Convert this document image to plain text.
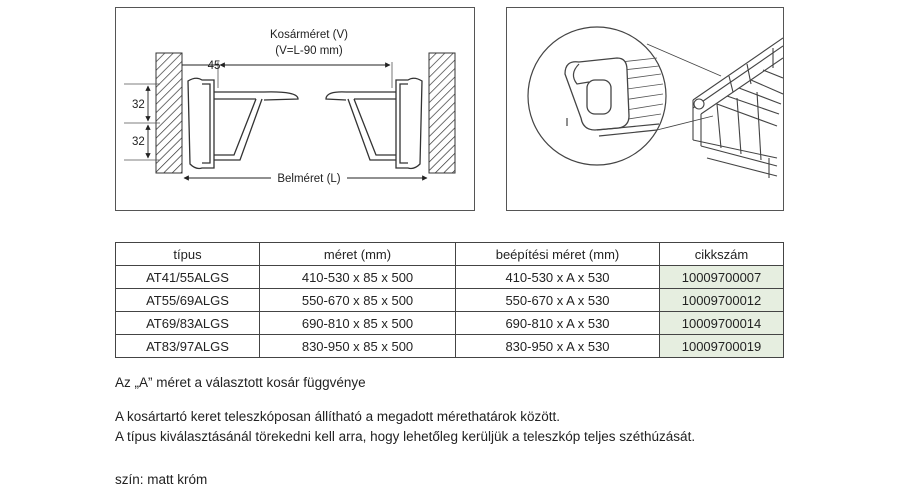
Kosárméret (V)
(V=L-90 mm)
45
32
32
Belméret (L)
típus	méret (mm)	beépítési méret (mm)	cikkszám
AT41/55ALGS	410-530 x 85 x 500	410-530 x A x 530	10009700007
AT55/69ALGS	550-670 x 85 x 500	550-670 x A x 530	10009700012
AT69/83ALGS	690-810 x 85 x 500	690-810 x A x 530	10009700014
AT83/97ALGS	830-950 x 85 x 500	830-950 x A x 530	10009700019
Az „A” méret a választott kosár függvénye
A kosártartó keret teleszkóposan állítható a megadott mérethatárok között.
A típus kiválasztásánál törekedni kell arra, hogy lehetőleg kerüljük a teleszkóp teljes széthúzását.
szín: matt króm
